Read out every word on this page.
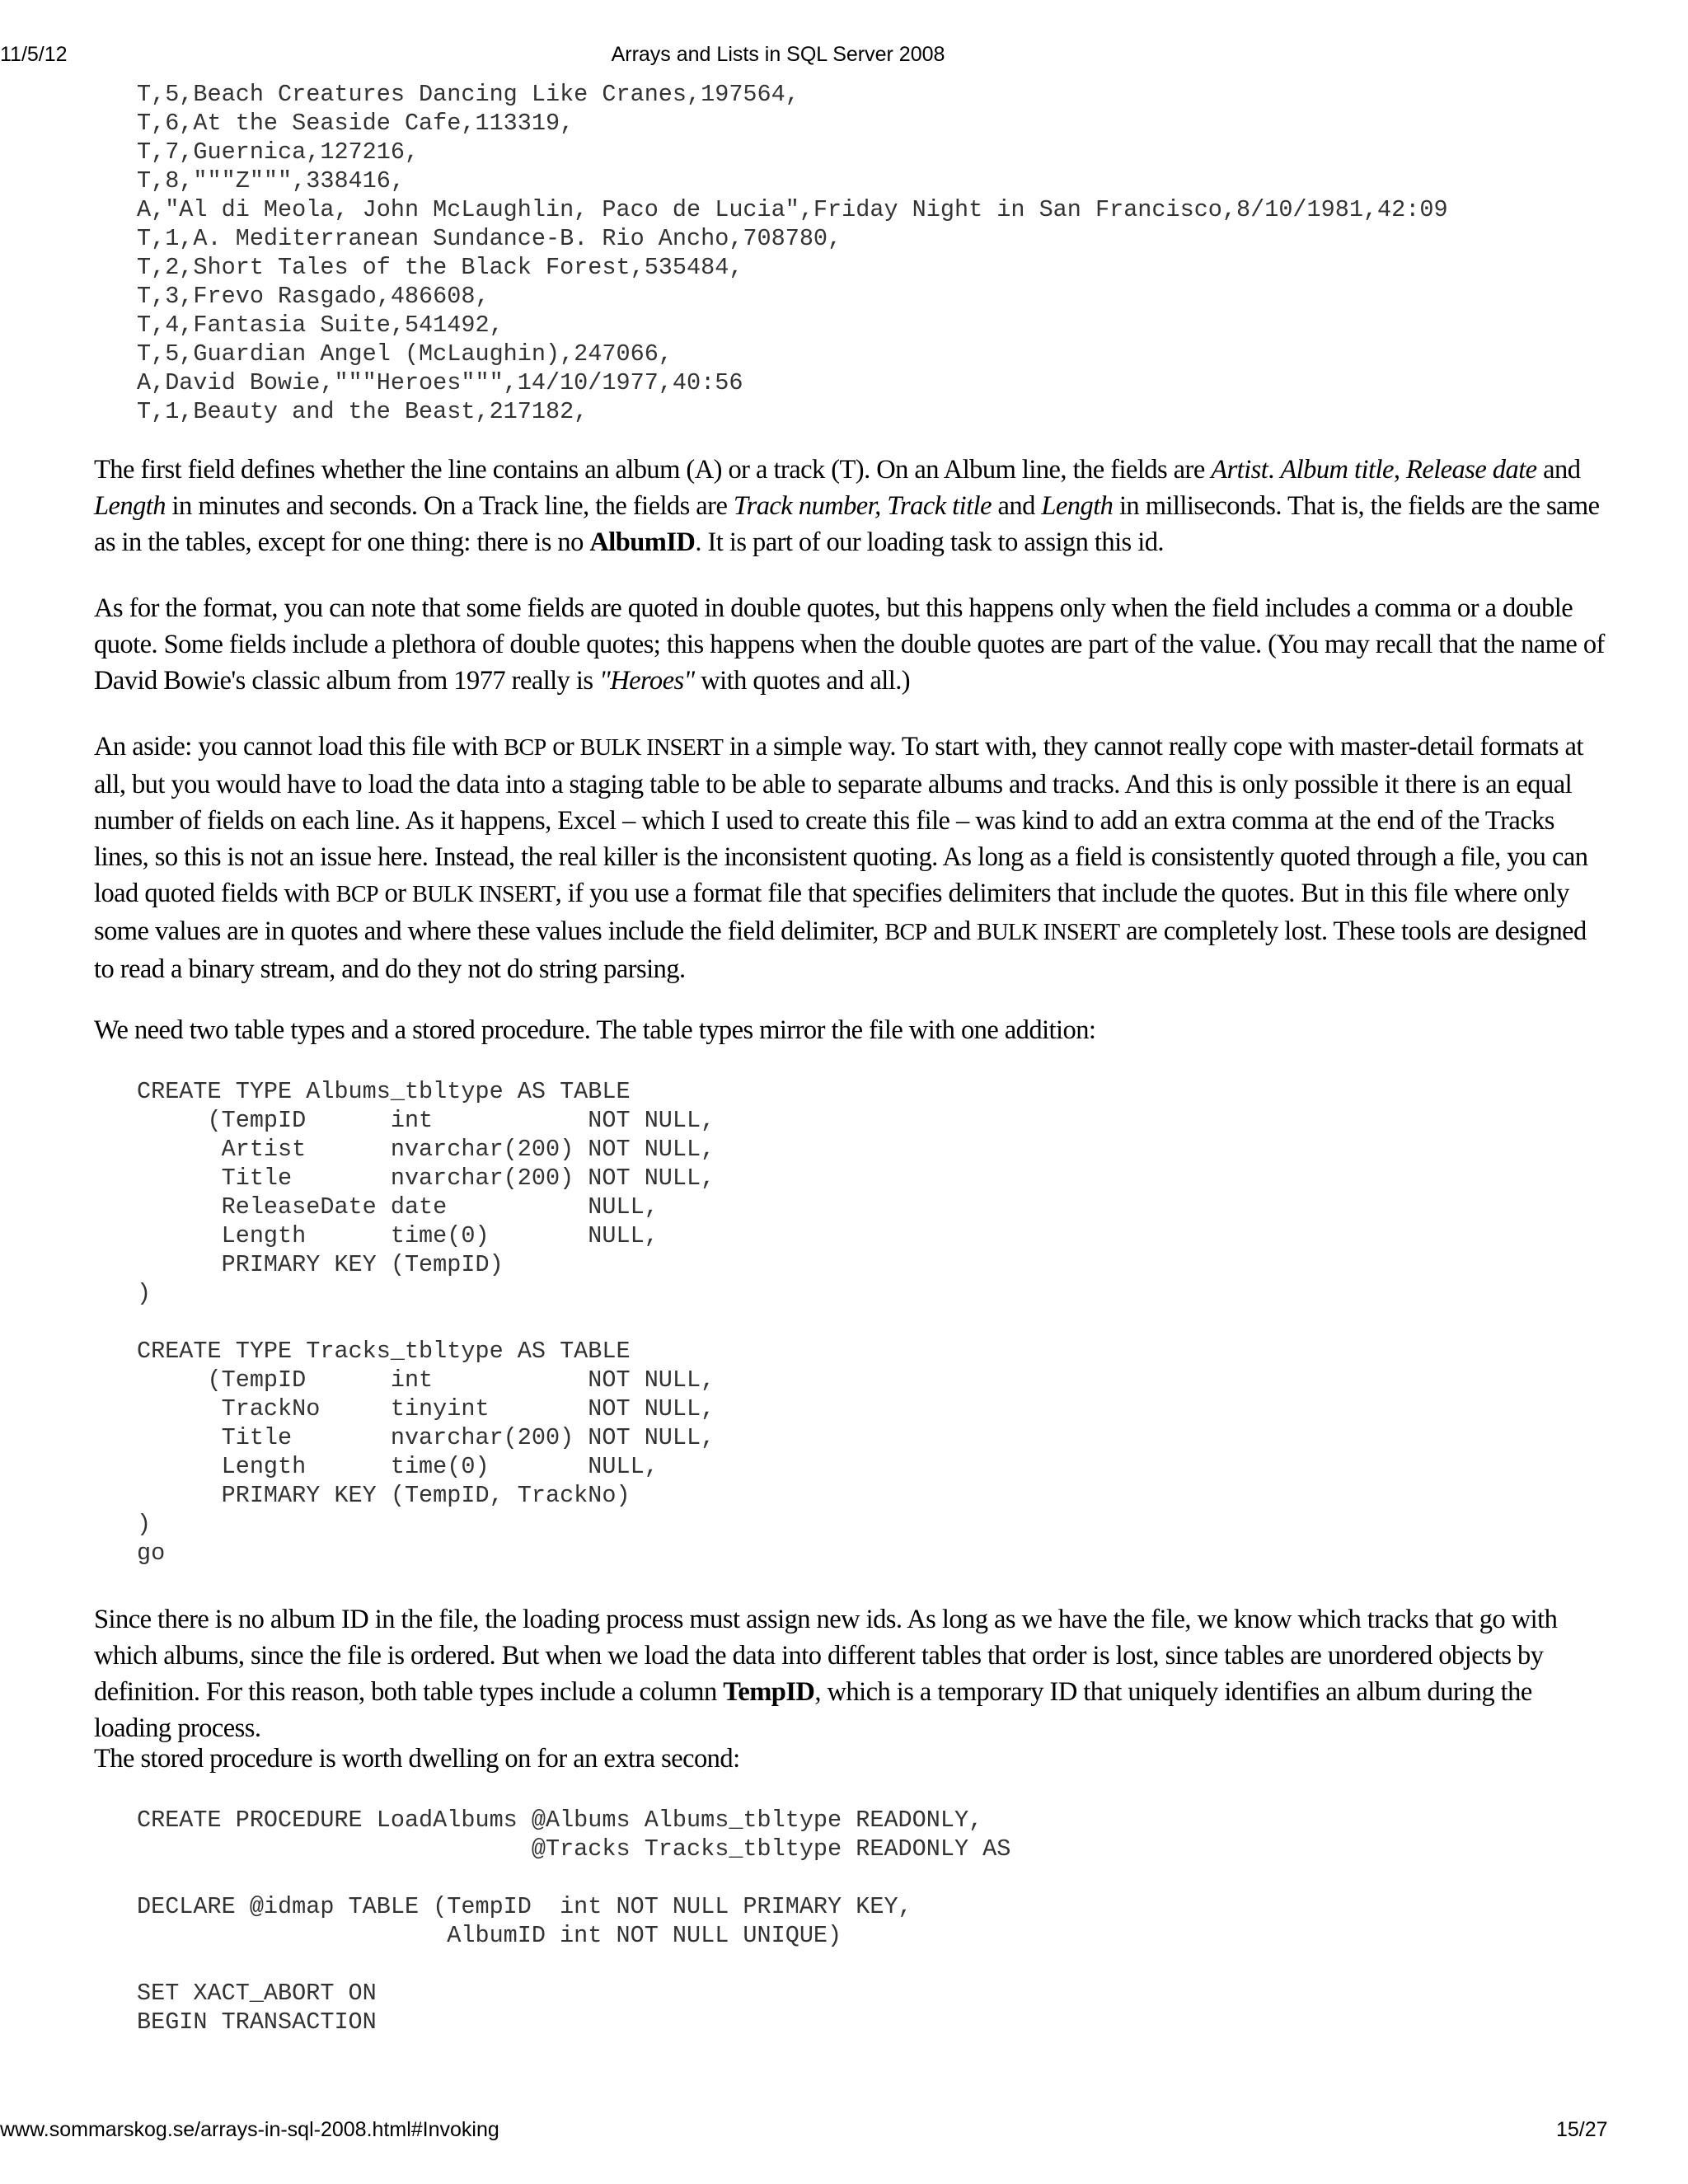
11/5/12	Arrays and Lists in SQL Server 2008
T,5,Beach Creatures Dancing Like Cranes,197564,
T,6,At the Seaside Cafe,113319,
T,7,Guernica,127216,
T,8,"""Z""",338416,
A,"Al di Meola, John McLaughlin, Paco de Lucia",Friday Night in San Francisco,8/10/1981,42:09
T,1,A. Mediterranean Sundance-B. Rio Ancho,708780,
T,2,Short Tales of the Black Forest,535484,
T,3,Frevo Rasgado,486608,
T,4,Fantasia Suite,541492,
T,5,Guardian Angel (McLaughin),247066,
A,David Bowie,"""Heroes""",14/10/1977,40:56
T,1,Beauty and the Beast,217182,

The first field defines whether the line contains an album (A) or a track (T). On an Album line, the fields are Artist. Album title, Release date and Length in minutes and seconds. On a Track line, the fields are Track number, Track title and Length in milliseconds. That is, the fields are the same as in the tables, except for one thing: there is no AlbumID. It is part of our loading task to assign this id.

As for the format, you can note that some fields are quoted in double quotes, but this happens only when the field includes a comma or a double quote. Some fields include a plethora of double quotes; this happens when the double quotes are part of the value. (You may recall that the name of David Bowie's classic album from 1977 really is "Heroes" with quotes and all.)

An aside: you cannot load this file with BCP or BULK INSERT in a simple way. To start with, they cannot really cope with master-detail formats at all, but you would have to load the data into a staging table to be able to separate albums and tracks. And this is only possible it there is an equal number of fields on each line. As it happens, Excel – which I used to create this file – was kind to add an extra comma at the end of the Tracks lines, so this is not an issue here. Instead, the real killer is the inconsistent quoting. As long as a field is consistently quoted through a file, you can load quoted fields with BCP or BULK INSERT, if you use a format file that specifies delimiters that include the quotes. But in this file where only some values are in quotes and where these values include the field delimiter, BCP and BULK INSERT are completely lost. These tools are designed to read a binary stream, and do they not do string parsing.

We need two table types and a stored procedure. The table types mirror the file with one addition:

CREATE TYPE Albums_tbltype AS TABLE
(TempID      int           NOT NULL,
Artist      nvarchar(200) NOT NULL,
Title       nvarchar(200) NOT NULL,
ReleaseDate date          NULL,
Length      time(0)       NULL,
PRIMARY KEY (TempID)
)

CREATE TYPE Tracks_tbltype AS TABLE
(TempID      int           NOT NULL,
TrackNo     tinyint       NOT NULL,
Title       nvarchar(200) NOT NULL,
Length      time(0)       NULL,
PRIMARY KEY (TempID, TrackNo)
)
go

Since there is no album ID in the file, the loading process must assign new ids. As long as we have the file, we know which tracks that go with which albums, since the file is ordered. But when we load the data into different tables that order is lost, since tables are unordered objects by definition. For this reason, both table types include a column TempID, which is a temporary ID that uniquely identifies an album during the loading process.

The stored procedure is worth dwelling on for an extra second:

CREATE PROCEDURE LoadAlbums @Albums Albums_tbltype READONLY,
@Tracks Tracks_tbltype READONLY AS

DECLARE @idmap TABLE (TempID  int NOT NULL PRIMARY KEY,
AlbumID int NOT NULL UNIQUE)

SET XACT_ABORT ON
BEGIN TRANSACTION
www.sommarskog.se/arrays-in-sql-2008.html#Invoking	15/27
